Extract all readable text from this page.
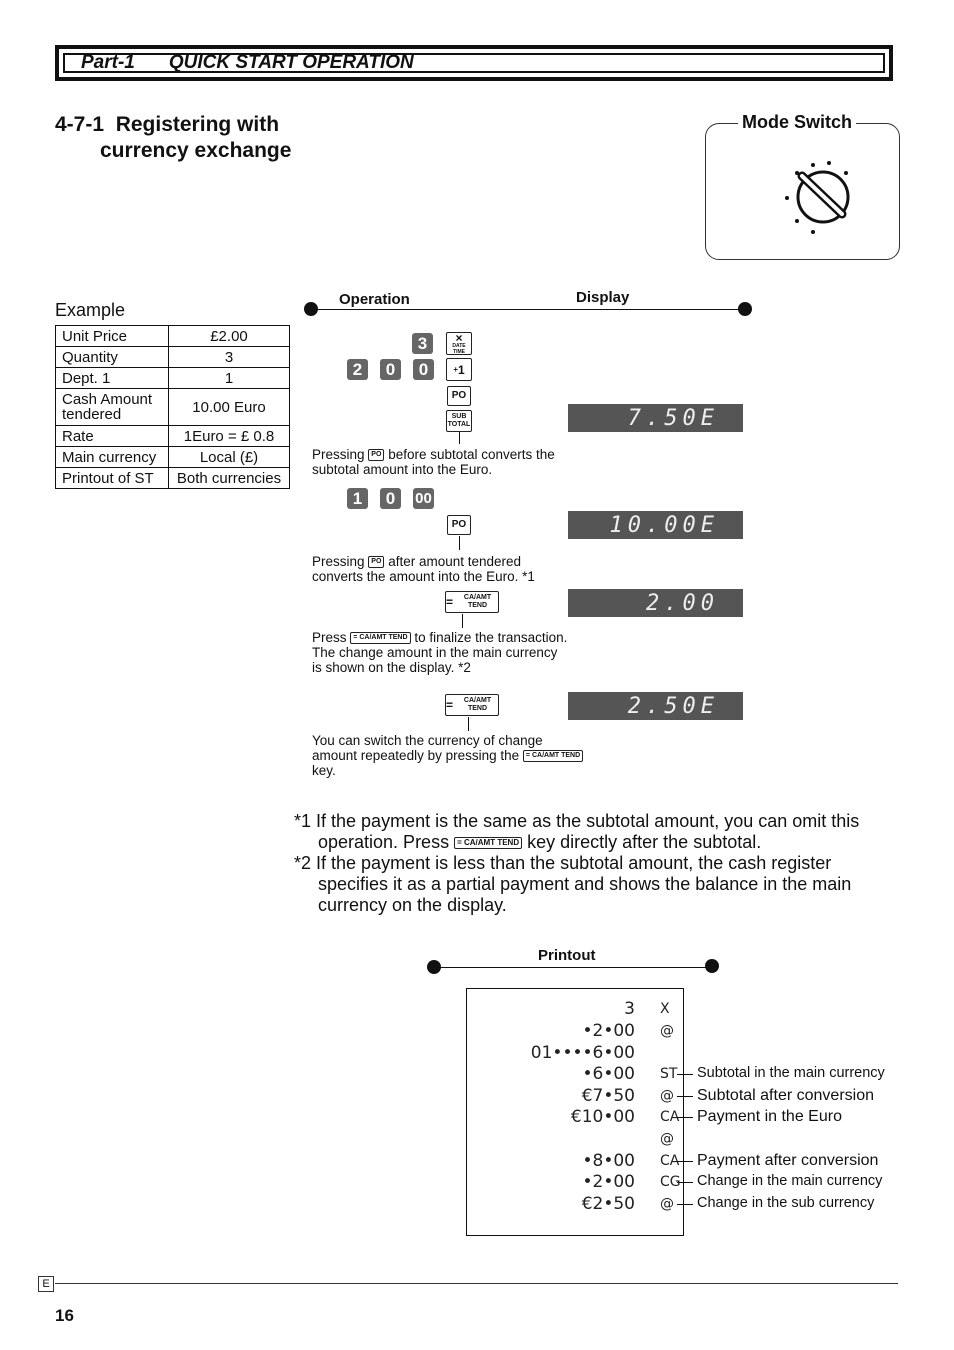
Part-1 QUICK START OPERATION
4-7-1 Registering with
currency exchange
Mode Switch
Example
Unit Price	£2.00
Quantity	3
Dept. 1	1
Cash Amount tendered	10.00 Euro
Rate	1Euro = £ 0.8
Main currency	Local (£)
Printout of ST	Both currencies
Operation	Display
3	×
DATE TIME
2	0	0	+ 1
PO
SUB TOTAL	7.50E
Pressing PO before subtotal converts the
subtotal amount into the Euro.
1	0	00
PO	10.00E
Pressing PO after amount tendered
converts the amount into the Euro. *1
=	CA/AMT TEND	2.00
Press = CA/AMT TEND to finalize the transaction.
The change amount in the main currency
is shown on the display. *2
=	CA/AMT TEND	2.50E
You can switch the currency of change
amount repeatedly by pressing the = CA/AMT TEND
key.
*1 If the payment is the same as the subtotal amount, you can omit this
operation. Press = CA/AMT TEND key directly after the subtotal.
*2 If the payment is less than the subtotal amount, the cash register
specifies it as a partial payment and shows the balance in the main
currency on the display.
Printout
3 X
•2•00 @
01••••6•00
•6•00 ST
€7•50 @
€10•00 CA
@
•8•00 CA
•2•00 CG
€2•50 @
Subtotal in the main currency
Subtotal after conversion
Payment in the Euro
Payment after conversion
Change in the main currency
Change in the sub currency
E
16
